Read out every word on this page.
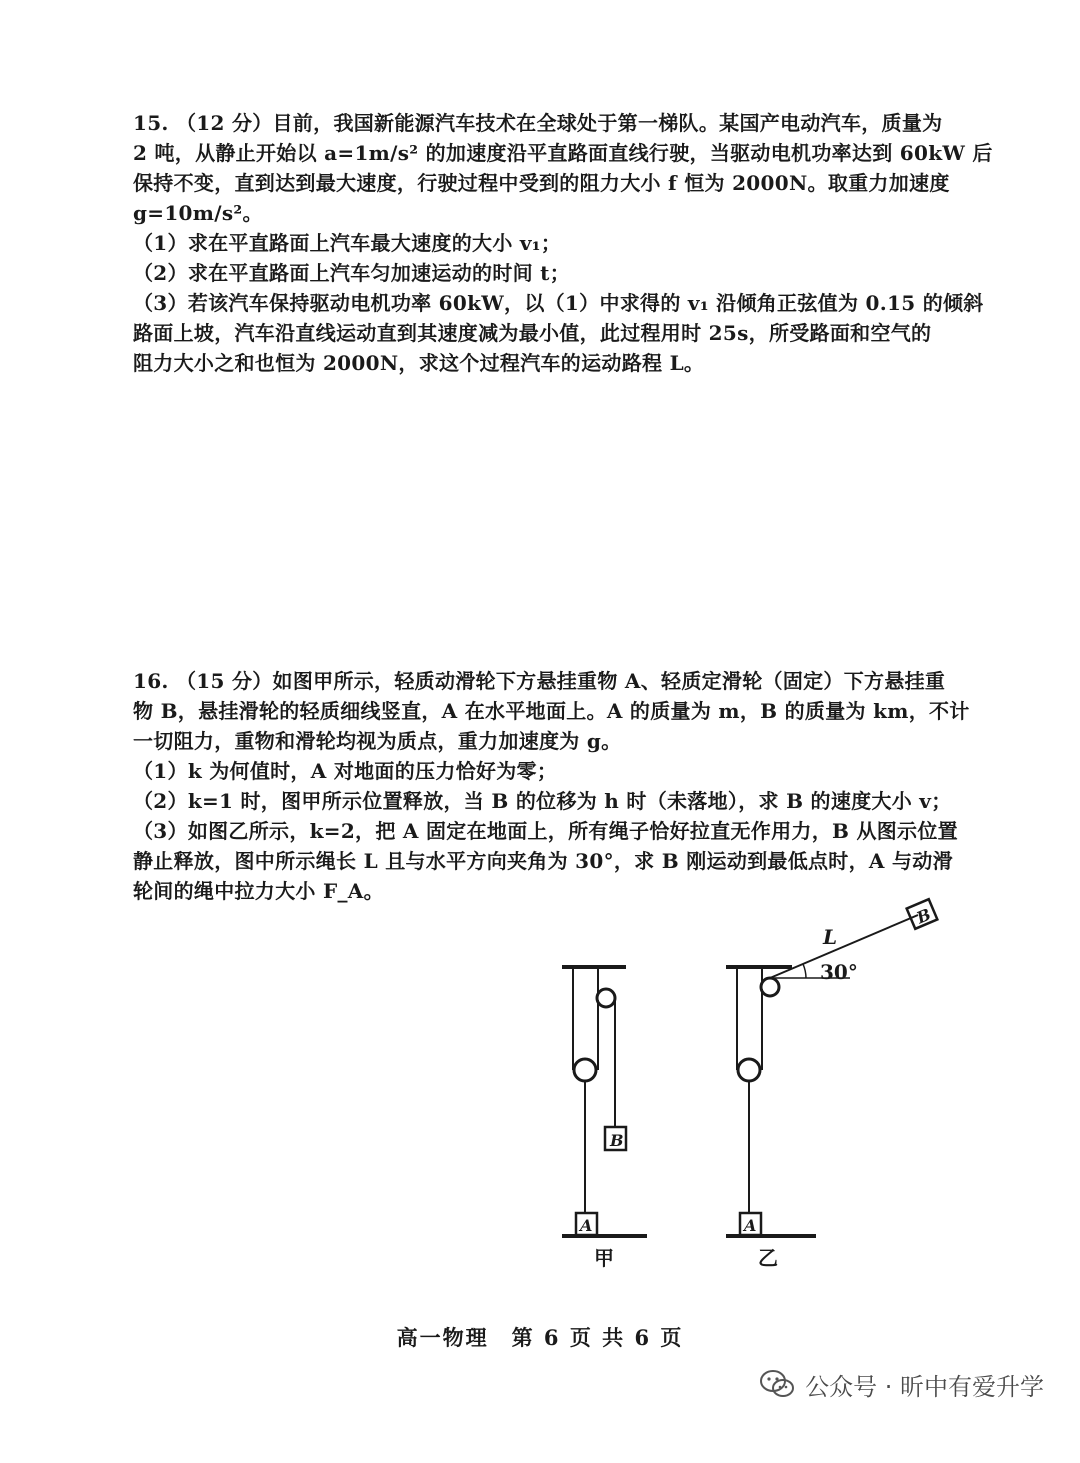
15. （12 分）目前，我国新能源汽车技术在全球处于第一梯队。某国产电动汽车，质量为
2 吨，从静止开始以 a=1m/s² 的加速度沿平直路面直线行驶，当驱动电机功率达到 60kW 后
保持不变，直到达到最大速度，行驶过程中受到的阻力大小 f 恒为 2000N。取重力加速度
g=10m/s²。
（1）求在平直路面上汽车最大速度的大小 v₁；
（2）求在平直路面上汽车匀加速运动的时间 t；
（3）若该汽车保持驱动电机功率 60kW，以（1）中求得的 v₁ 沿倾角正弦值为 0.15 的倾斜
路面上坡，汽车沿直线运动直到其速度减为最小值，此过程用时 25s，所受路面和空气的
阻力大小之和也恒为 2000N，求这个过程汽车的运动路程 L。
16. （15 分）如图甲所示，轻质动滑轮下方悬挂重物 A、轻质定滑轮（固定）下方悬挂重
物 B，悬挂滑轮的轻质细线竖直，A 在水平地面上。A 的质量为 m，B 的质量为 km，不计
一切阻力，重物和滑轮均视为质点，重力加速度为 g。
（1）k 为何值时，A 对地面的压力恰好为零；
（2）k=1 时，图甲所示位置释放，当 B 的位移为 h 时（未落地），求 B 的速度大小 v；
（3）如图乙所示，k=2，把 A 固定在地面上，所有绳子恰好拉直无作用力，B 从图示位置
静止释放，图中所示绳长 L 且与水平方向夹角为 30°，求 B 刚运动到最低点时，A 与动滑
轮间的绳中拉力大小 F_A。
B
A
B
A
L
30°
甲	乙
高一物理　第 6 页 共 6 页
公众号 · 昕中有爱升学
